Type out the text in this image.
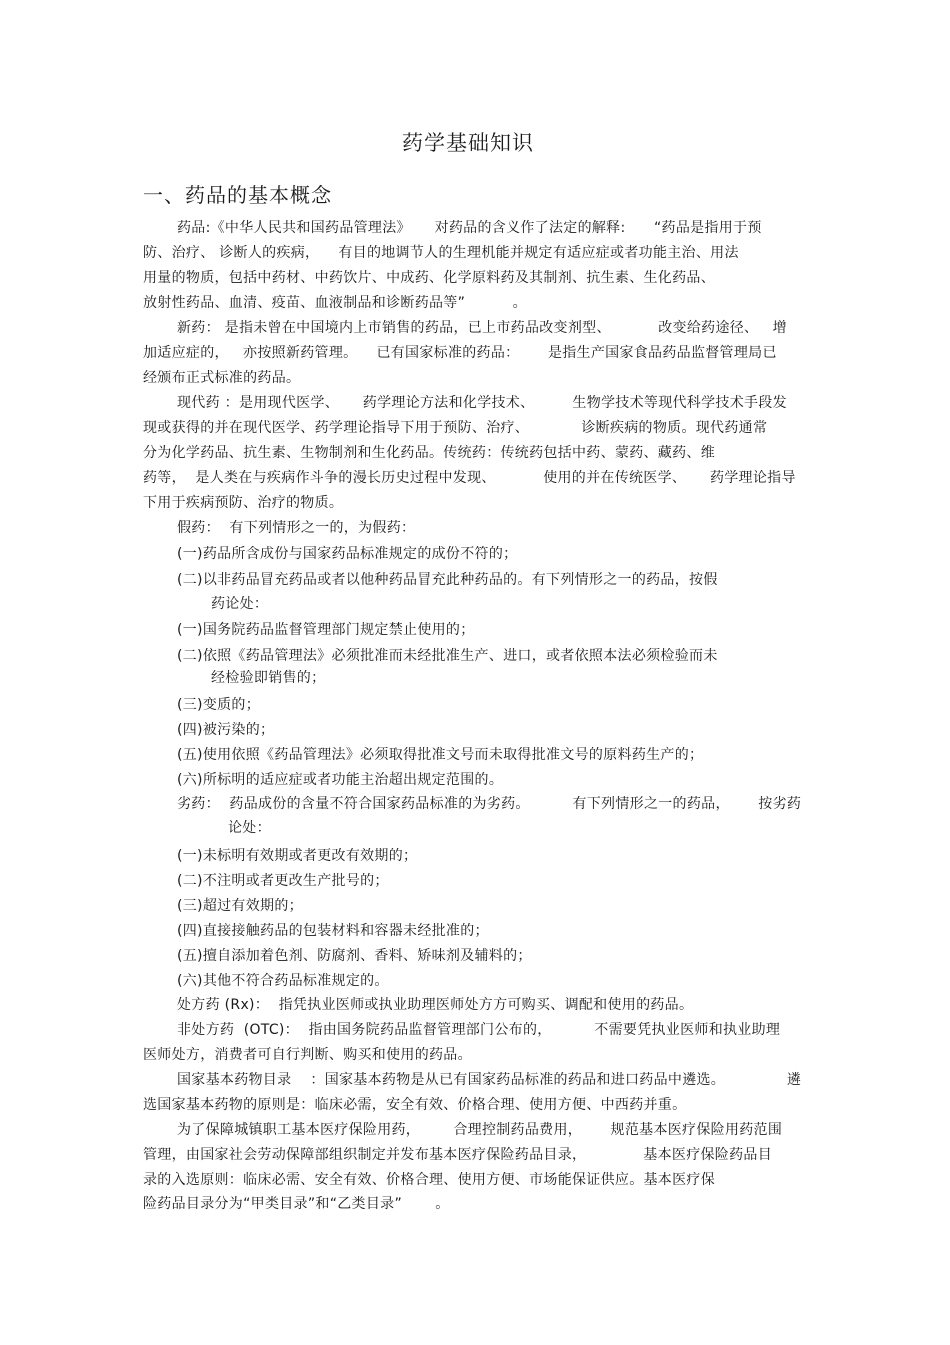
药学基础知识
一、药品的基本概念
药品:《中华人民共和国药品管理法》     对药品的含义作了法定的解释:      “药品是指用于预
防、治疗、 诊断人的疾病，    有目的地调节人的生理机能并规定有适应症或者功能主治、用法
用量的物质，包括中药材、中药饮片、中成药、化学原料药及其制剂、抗生素、生化药品、
放射性药品、血清、疫苗、血液制品和诊断药品等”          。
新药： 是指未曾在中国境内上市销售的药品，已上市药品改变剂型、          改变给药途径、   增
加适应症的，   亦按照新药管理。    已有国家标准的药品：      是指生产国家食品药品监督管理局已
经颁布正式标准的药品。
现代药 ：是用现代医学、     药学理论方法和化学技术、        生物学技术等现代科学技术手段发
现或获得的并在现代医学、药学理论指导下用于预防、治疗、           诊断疾病的物质。现代药通常
分为化学药品、抗生素、生物制剂和生化药品。传统药：传统药包括中药、蒙药、藏药、维
药等，  是人类在与疾病作斗争的漫长历史过程中发现、          使用的并在传统医学、     药学理论指导
下用于疾病预防、治疗的物质。
假药：  有下列情形之一的，为假药：
(一)药品所含成份与国家药品标准规定的成份不符的；
(二)以非药品冒充药品或者以他种药品冒充此种药品的。有下列情形之一的药品，按假
药论处：
(一)国务院药品监督管理部门规定禁止使用的；
(二)依照《药品管理法》必须批准而未经批准生产、进口，或者依照本法必须检验而未
经检验即销售的；
(三)变质的；
(四)被污染的；
(五)使用依照《药品管理法》必须取得批准文号而未取得批准文号的原料药生产的；
(六)所标明的适应症或者功能主治超出规定范围的。
劣药：  药品成份的含量不符合国家药品标准的为劣药。         有下列情形之一的药品，      按劣药
论处：
(一)未标明有效期或者更改有效期的；
(二)不注明或者更改生产批号的；
(三)超过有效期的；
(四)直接接触药品的包装材料和容器未经批准的；
(五)擅自添加着色剂、防腐剂、香料、矫味剂及辅料的；
(六)其他不符合药品标准规定的。
处方药 (Rx)：  指凭执业医师或执业助理医师处方方可购买、调配和使用的药品。
非处方药  (OTC)：  指由国务院药品监督管理部门公布的，         不需要凭执业医师和执业助理
医师处方，消费者可自行判断、购买和使用的药品。
国家基本药物目录    ：国家基本药物是从已有国家药品标准的药品和进口药品中遴选。             遴
选国家基本药物的原则是：临床必需，安全有效、价格合理、使用方便、中西药并重。
为了保障城镇职工基本医疗保险用药，       合理控制药品费用，      规范基本医疗保险用药范围
管理，由国家社会劳动保障部组织制定并发布基本医疗保险药品目录，            基本医疗保险药品目
录的入选原则：临床必需、安全有效、价格合理、使用方便、市场能保证供应。基本医疗保
险药品目录分为“甲类目录”和“乙类目录”       。
